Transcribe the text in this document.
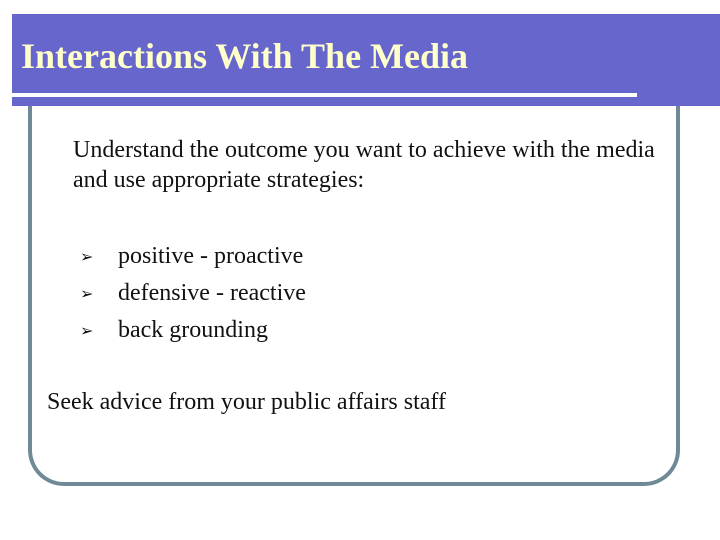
Interactions With The Media
Understand the outcome you want to achieve with the media and use appropriate strategies:
➢	positive - proactive
➢	defensive - reactive
➢	back grounding
Seek advice from your public affairs staff
